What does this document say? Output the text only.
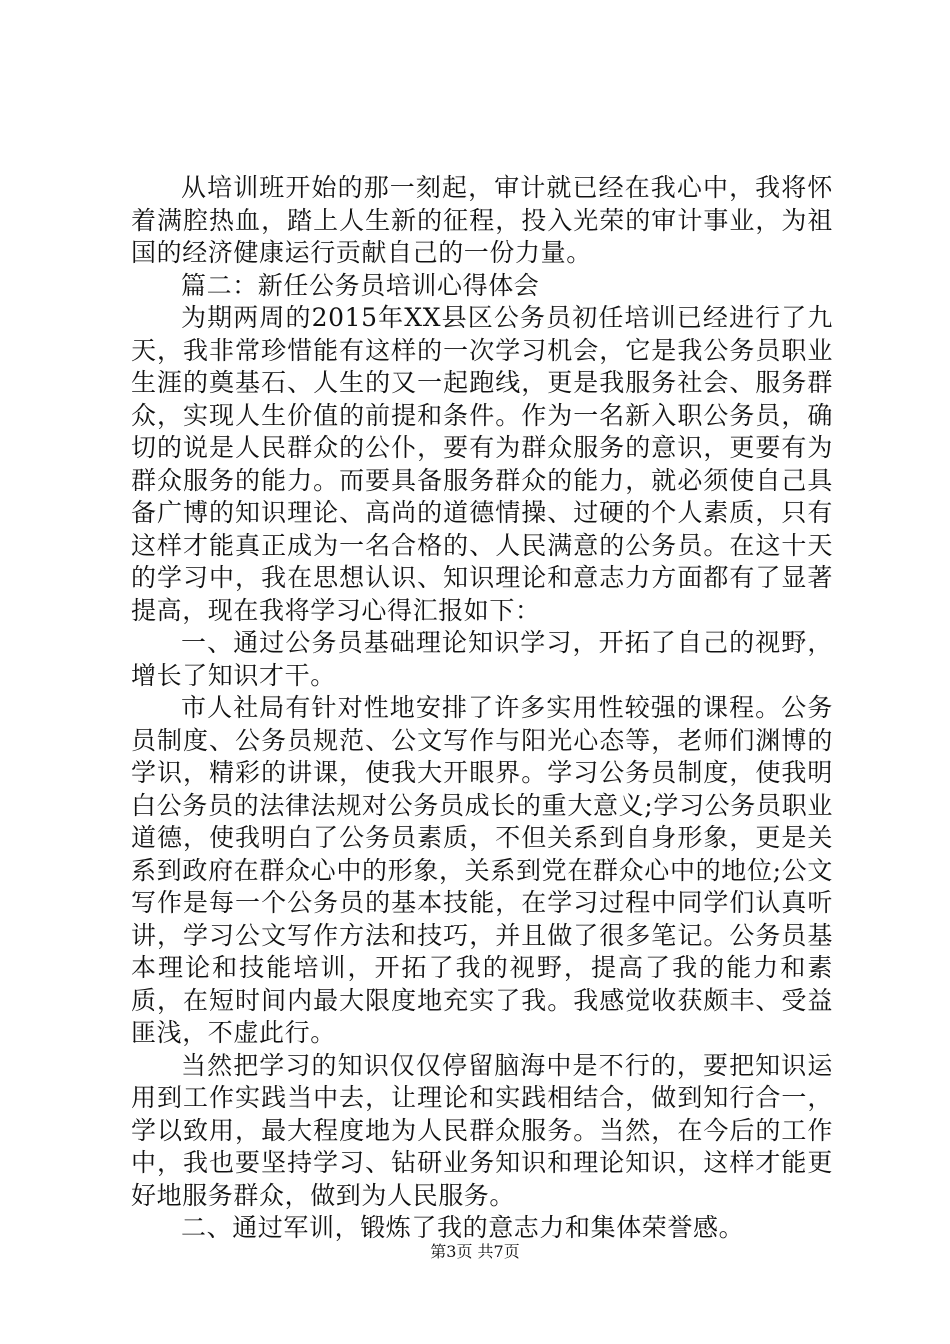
从培训班开始的那一刻起，审计就已经在我心中，我将怀着满腔热血，踏上人生新的征程，投入光荣的审计事业，为祖国的经济健康运行贡献自己的一份力量。

篇二：新任公务员培训心得体会

为期两周的2015年XX县区公务员初任培训已经进行了九天，我非常珍惜能有这样的一次学习机会，它是我公务员职业生涯的奠基石、人生的又一起跑线，更是我服务社会、服务群众，实现人生价值的前提和条件。作为一名新入职公务员，确切的说是人民群众的公仆，要有为群众服务的意识，更要有为群众服务的能力。而要具备服务群众的能力，就必须使自己具备广博的知识理论、高尚的道德情操、过硬的个人素质，只有这样才能真正成为一名合格的、人民满意的公务员。在这十天的学习中，我在思想认识、知识理论和意志力方面都有了显著提高，现在我将学习心得汇报如下：

一、通过公务员基础理论知识学习，开拓了自己的视野，增长了知识才干。

市人社局有针对性地安排了许多实用性较强的课程。公务员制度、公务员规范、公文写作与阳光心态等，老师们渊博的学识，精彩的讲课，使我大开眼界。学习公务员制度，使我明白公务员的法律法规对公务员成长的重大意义;学习公务员职业道德，使我明白了公务员素质，不但关系到自身形象，更是关系到政府在群众心中的形象，关系到党在群众心中的地位;公文写作是每一个公务员的基本技能，在学习过程中同学们认真听讲，学习公文写作方法和技巧，并且做了很多笔记。公务员基本理论和技能培训，开拓了我的视野，提高了我的能力和素质，在短时间内最大限度地充实了我。我感觉收获颇丰、受益匪浅，不虚此行。

当然把学习的知识仅仅停留脑海中是不行的，要把知识运用到工作实践当中去，让理论和实践相结合，做到知行合一，学以致用，最大程度地为人民群众服务。当然，在今后的工作中，我也要坚持学习、钻研业务知识和理论知识，这样才能更好地服务群众，做到为人民服务。

二、通过军训，锻炼了我的意志力和集体荣誉感。

第3页 共7页
